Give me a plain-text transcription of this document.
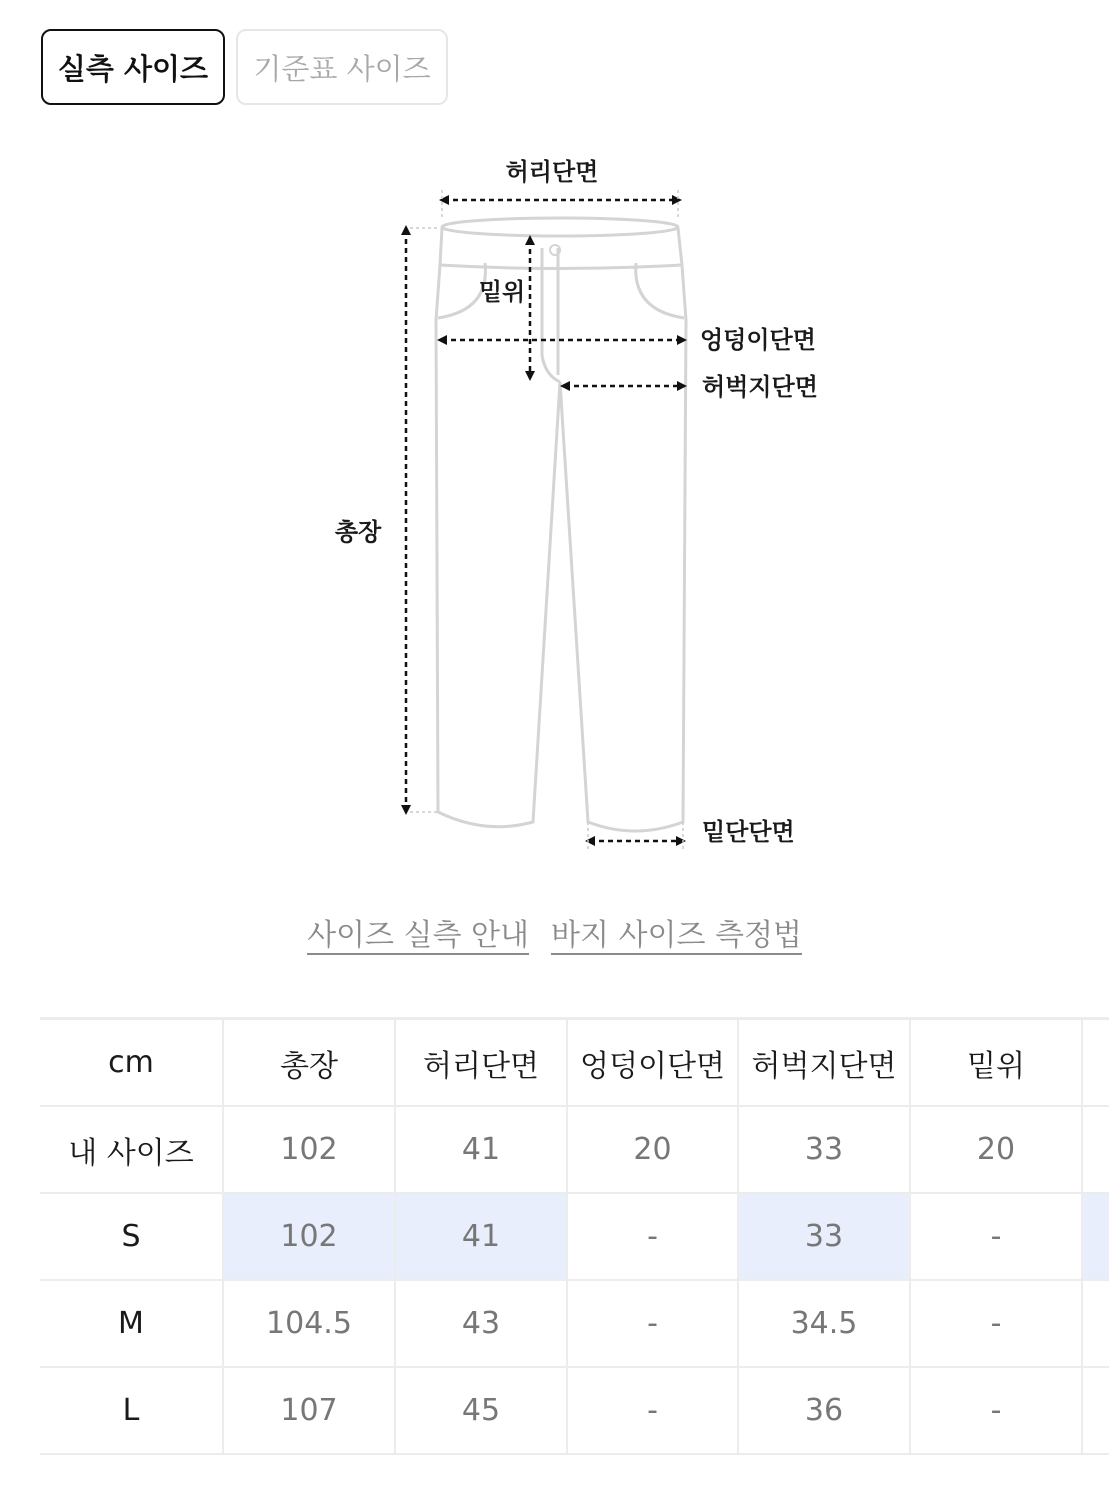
실측 사이즈 기준표 사이즈
허리단면
총장
밑위
엉덩이단면
허벅지단면
밑단단면
사이즈 실측 안내 바지 사이즈 측정법
cm	총장	허리단면	엉덩이단면	허벅지단면	밑위	
내 사이즈	102	41	20	33	20	
S	102	41	-	33	-	
M	104.5	43	-	34.5	-	
L	107	45	-	36	-	
